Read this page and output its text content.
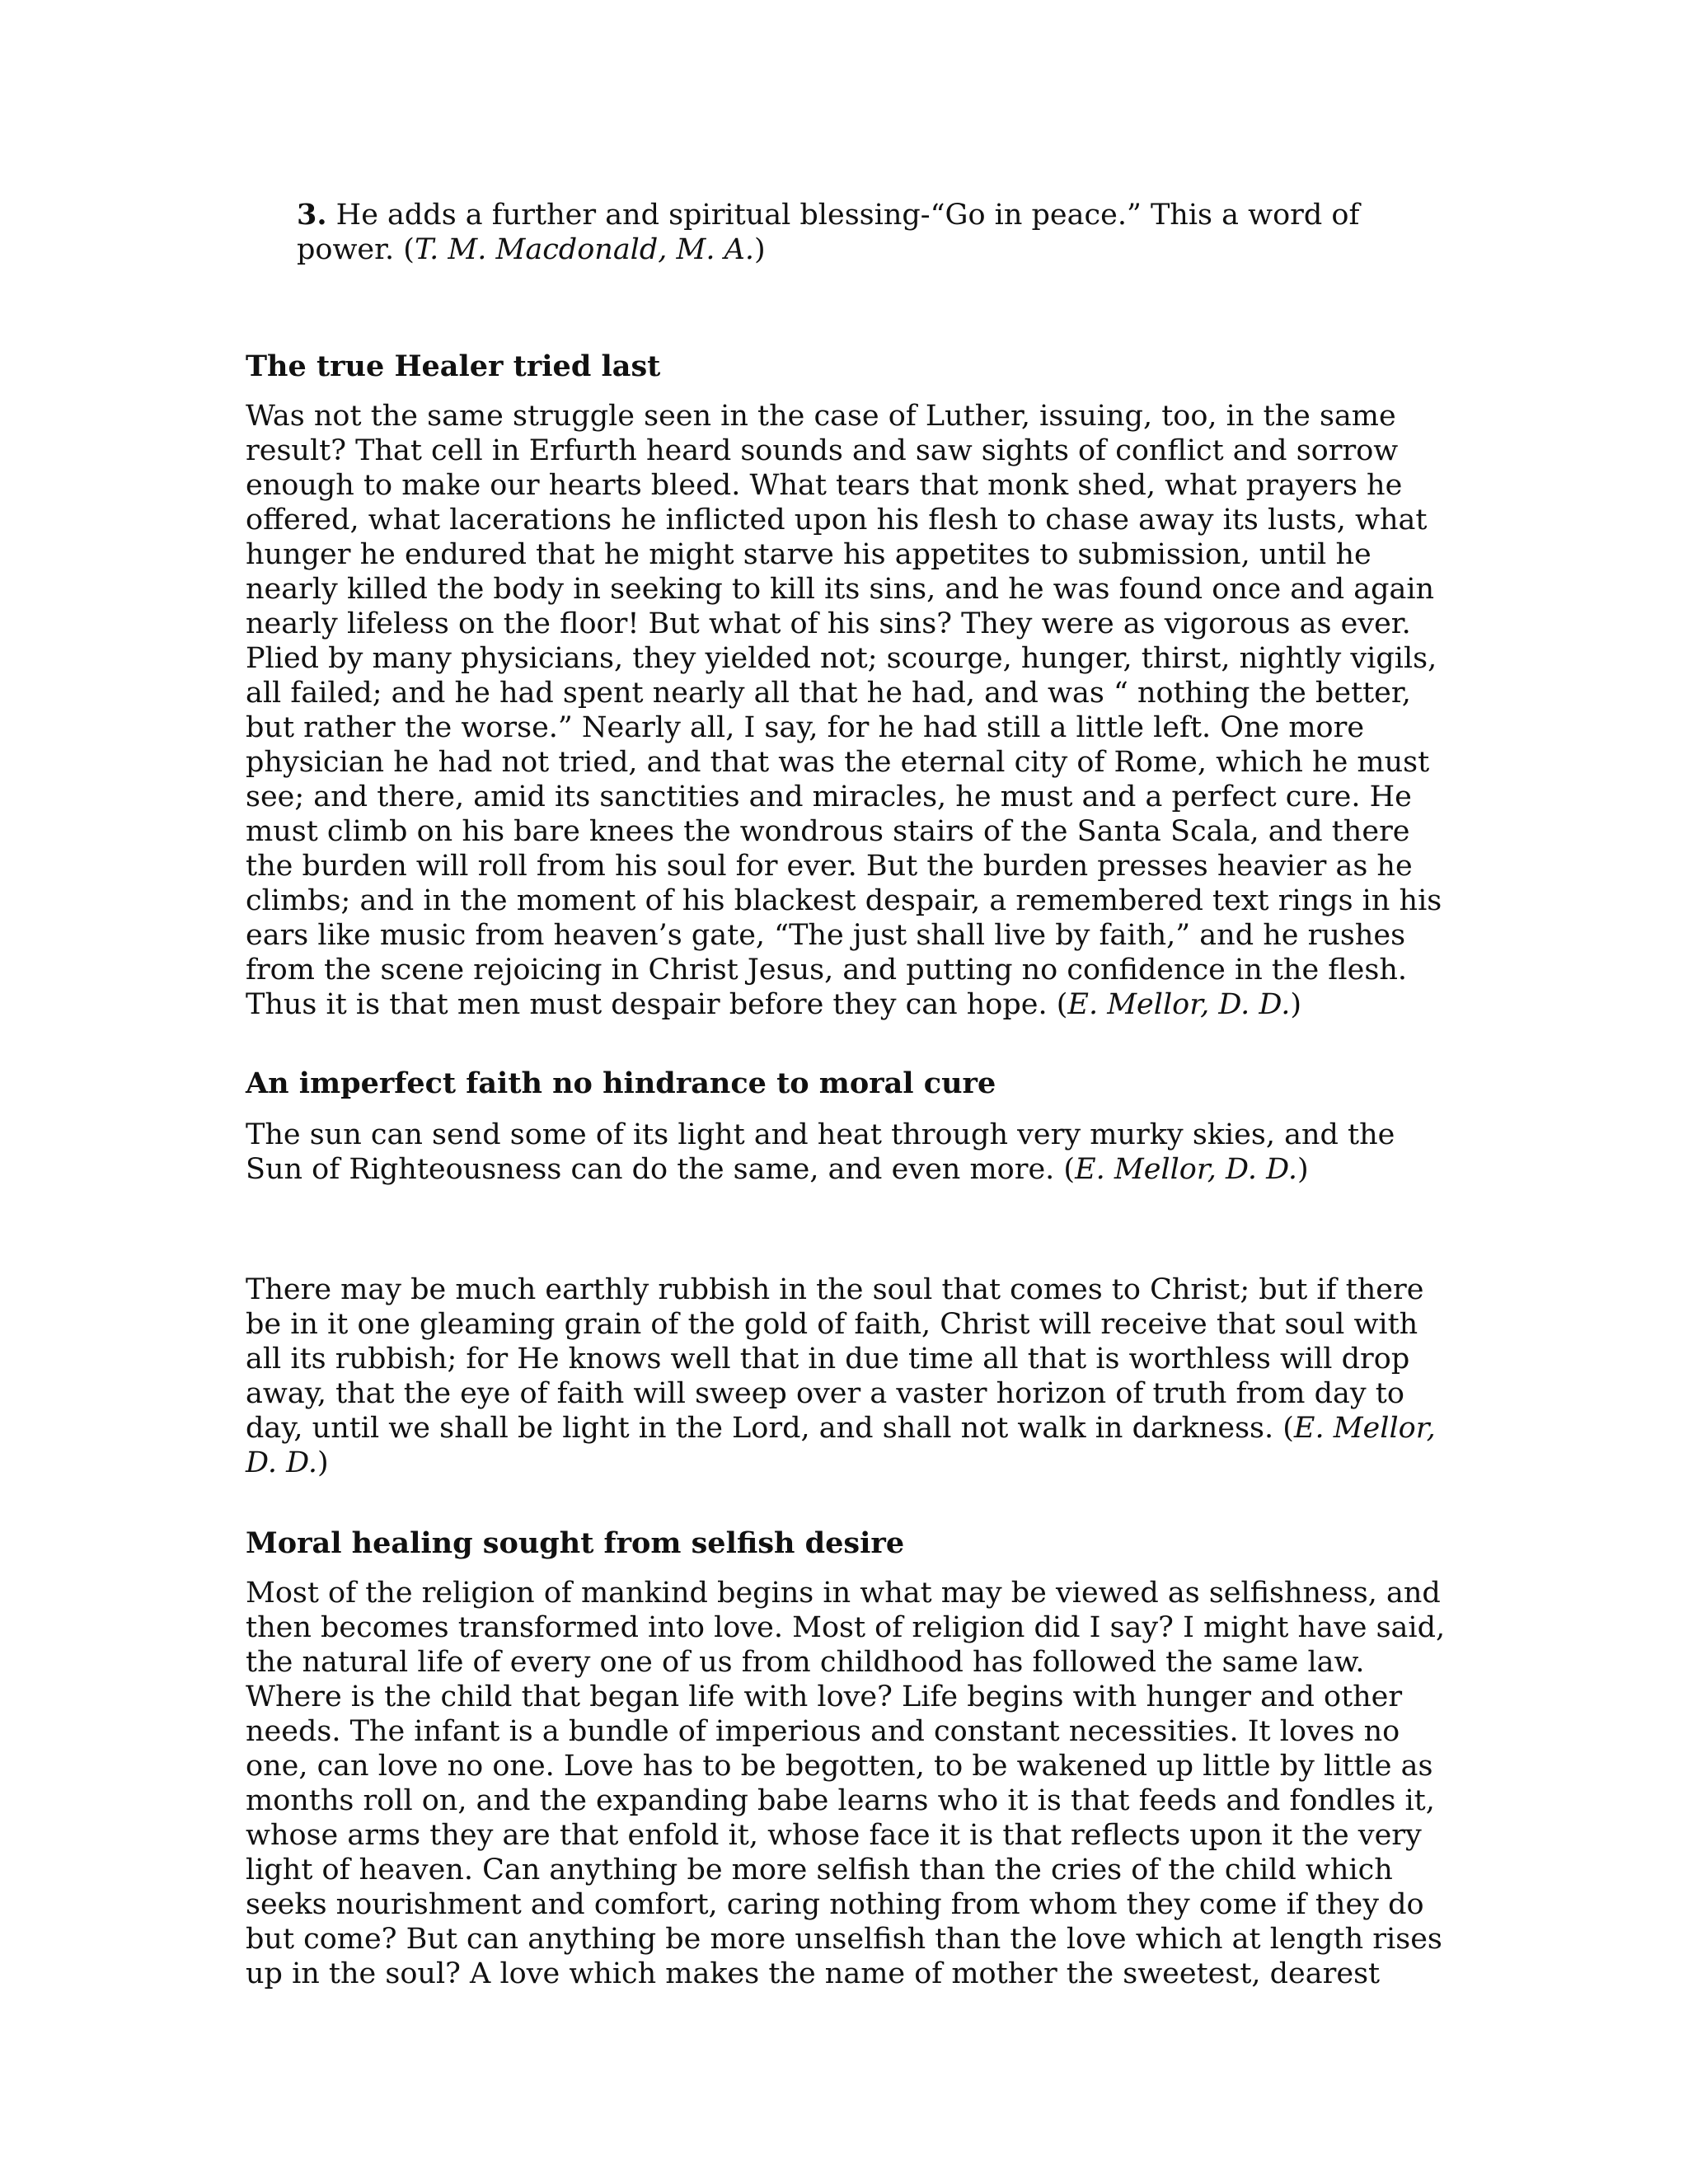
3. He adds a further and spiritual blessing-“Go in peace.” This a word of power. (T. M. Macdonald, M. A.)

The true Healer tried last

Was not the same struggle seen in the case of Luther, issuing, too, in the same result? That cell in Erfurth heard sounds and saw sights of conflict and sorrow enough to make our hearts bleed. What tears that monk shed, what prayers he offered, what lacerations he inflicted upon his flesh to chase away its lusts, what hunger he endured that he might starve his appetites to submission, until he nearly killed the body in seeking to kill its sins, and he was found once and again nearly lifeless on the floor! But what of his sins? They were as vigorous as ever. Plied by many physicians, they yielded not; scourge, hunger, thirst, nightly vigils, all failed; and he had spent nearly all that he had, and was “ nothing the better, but rather the worse.” Nearly all, I say, for he had still a little left. One more physician he had not tried, and that was the eternal city of Rome, which he must see; and there, amid its sanctities and miracles, he must and a perfect cure. He must climb on his bare knees the wondrous stairs of the Santa Scala, and there the burden will roll from his soul for ever. But the burden presses heavier as he climbs; and in the moment of his blackest despair, a remembered text rings in his ears like music from heaven’s gate, “The just shall live by faith,” and he rushes from the scene rejoicing in Christ Jesus, and putting no confidence in the flesh. Thus it is that men must despair before they can hope. (E. Mellor, D. D.)

An imperfect faith no hindrance to moral cure

The sun can send some of its light and heat through very murky skies, and the Sun of Righteousness can do the same, and even more. (E. Mellor, D. D.)

There may be much earthly rubbish in the soul that comes to Christ; but if there be in it one gleaming grain of the gold of faith, Christ will receive that soul with all its rubbish; for He knows well that in due time all that is worthless will drop away, that the eye of faith will sweep over a vaster horizon of truth from day to day, until we shall be light in the Lord, and shall not walk in darkness. (E. Mellor, D. D.)

Moral healing sought from selfish desire

Most of the religion of mankind begins in what may be viewed as selfishness, and then becomes transformed into love. Most of religion did I say? I might have said, the natural life of every one of us from childhood has followed the same law. Where is the child that began life with love? Life begins with hunger and other needs. The infant is a bundle of imperious and constant necessities. It loves no one, can love no one. Love has to be begotten, to be wakened up little by little as months roll on, and the expanding babe learns who it is that feeds and fondles it, whose arms they are that enfold it, whose face it is that reflects upon it the very light of heaven. Can anything be more selfish than the cries of the child which seeks nourishment and comfort, caring nothing from whom they come if they do but come? But can anything be more unselfish than the love which at length rises up in the soul? A love which makes the name of mother the sweetest, dearest
